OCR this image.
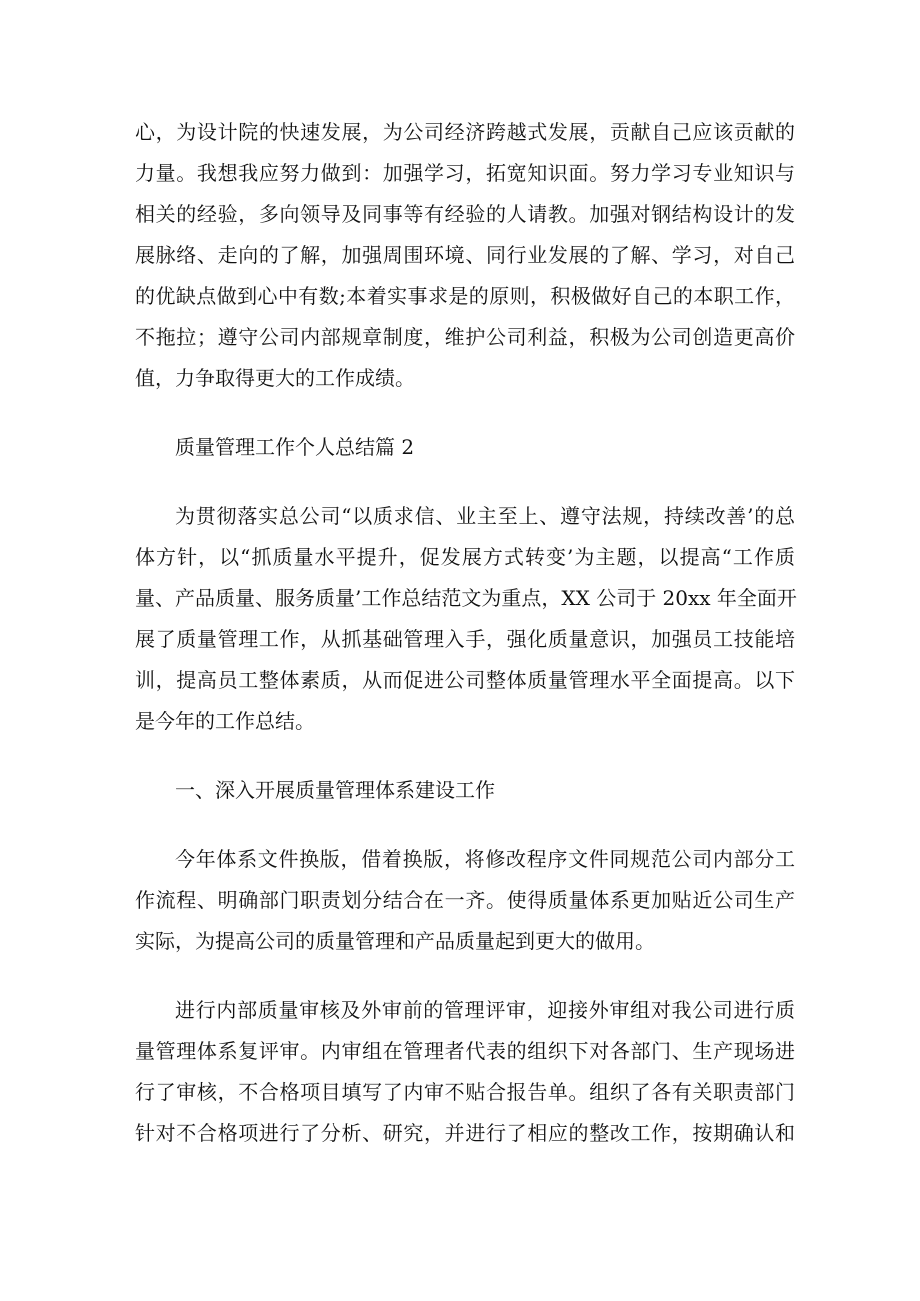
心，为设计院的快速发展，为公司经济跨越式发展，贡献自己应该贡献的
力量。我想我应努力做到：加强学习，拓宽知识面。努力学习专业知识与
相关的经验，多向领导及同事等有经验的人请教。加强对钢结构设计的发
展脉络、走向的了解，加强周围环境、同行业发展的了解、学习，对自己
的优缺点做到心中有数;本着实事求是的原则，积极做好自己的本职工作，
不拖拉；遵守公司内部规章制度，维护公司利益，积极为公司创造更高价
值，力争取得更大的工作成绩。
质量管理工作个人总结篇 2
为贯彻落实总公司“以质求信、业主至上、遵守法规，持续改善’的总
体方针，以“抓质量水平提升，促发展方式转变’为主题，以提高“工作质
量、产品质量、服务质量’工作总结范文为重点，XX 公司于 20xx 年全面开
展了质量管理工作，从抓基础管理入手，强化质量意识，加强员工技能培
训，提高员工整体素质，从而促进公司整体质量管理水平全面提高。以下
是今年的工作总结。
一、深入开展质量管理体系建设工作
今年体系文件换版，借着换版，将修改程序文件同规范公司内部分工
作流程、明确部门职责划分结合在一齐。使得质量体系更加贴近公司生产
实际，为提高公司的质量管理和产品质量起到更大的做用。
进行内部质量审核及外审前的管理评审，迎接外审组对我公司进行质
量管理体系复评审。内审组在管理者代表的组织下对各部门、生产现场进
行了审核，不合格项目填写了内审不贴合报告单。组织了各有关职责部门
针对不合格项进行了分析、研究，并进行了相应的整改工作，按期确认和
